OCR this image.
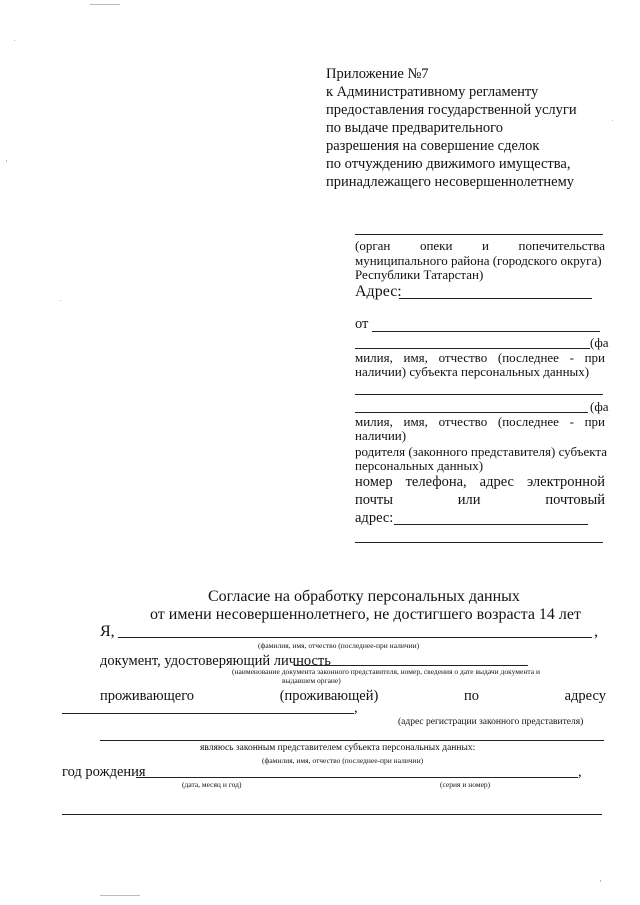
Приложение №7
к Административному регламенту
предоставления государственной услуги
по выдаче предварительного
разрешения на совершение сделок
по отчуждению движимого имущества,
принадлежащего несовершеннолетнему
(орган опеки и попечительства
муниципального района (городского округа)
Республики Татарстан)
Адрес:
от
(фа
милия, имя, отчество (последнее - при
наличии) субъекта персональных данных)
(фа
милия, имя, отчество (последнее - при
наличии)
родителя (законного представителя) субъекта
персональных данных)
номер телефона, адрес электронной
почты	или	почтовый
адрес:
Согласие на обработку персональных данных
от имени несовершеннолетнего, не достигшего возраста 14 лет
Я,	,
(фамилия, имя, отчество (последнее-при наличии)
документ, удостоверяющий личность
(наименование документа законного представителя, номер, сведения о дате выдачи документа и
выдавшем органе)
проживающего	(проживающей)	по	адресу
,
(адрес регистрации законного представителя)
являюсь законным представителем субъекта персональных данных:
(фамилия, имя, отчество (последнее-при наличии)
год рождения	,
(дата, месяц и год)	(серия и номер)
